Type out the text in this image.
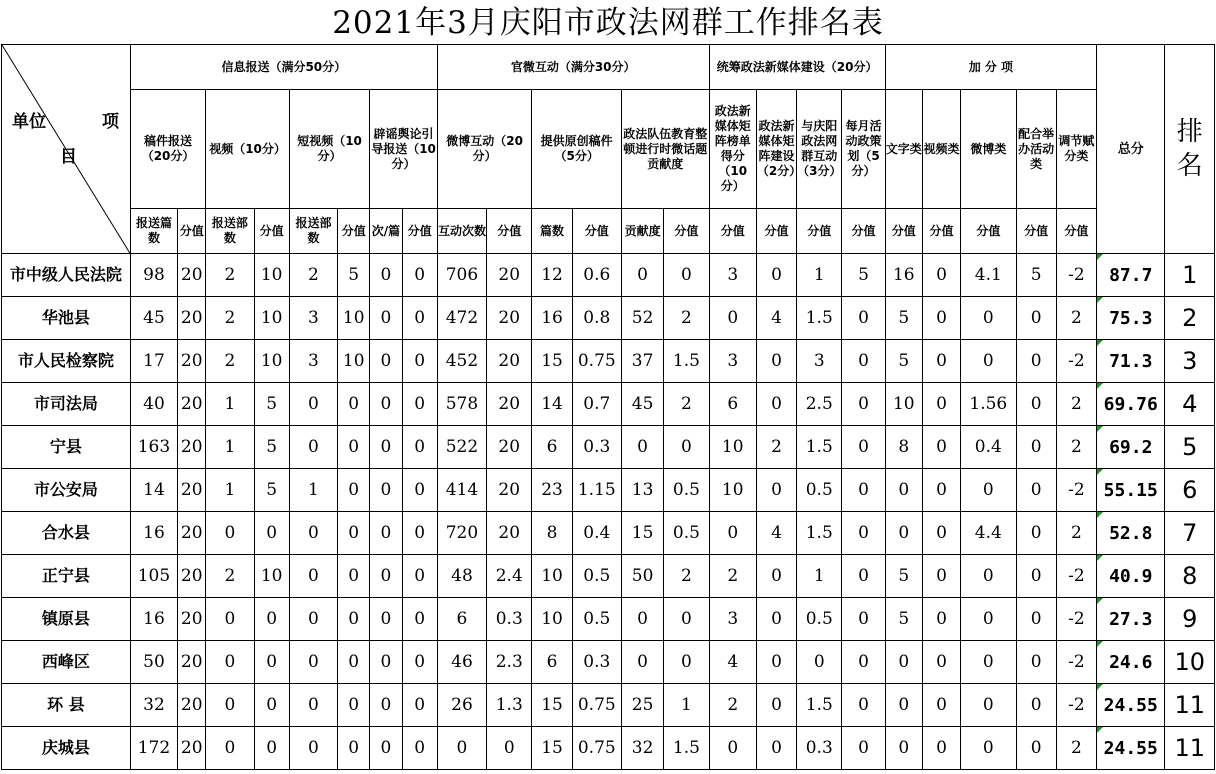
2021年3月庆阳市政法网群工作排名表
单位 项
目	信息报送（满分50分）								官微互动（满分30分）						统筹政法新媒体建设（20分）				加 分 项					总分	排名
	稿件报送（20分）		视频（10分）		短视频（10分）		辟谣舆论引导报送（10分）		微博互动（20分）		提供原创稿件（5分）		政法队伍教育整顿进行时微话题贡献度		政法新媒体矩阵榜单得分（10分）	政法新媒体矩阵建设（2分）	与庆阳政法网群互动（3分）	每月活动政策划（5分）	文字类	视频类	微博类	配合举办活动类	调节赋分类		
	报送篇数	分值	报送部数	分值	报送部数	分值	次/篇	分值	互动次数	分值	篇数	分值	贡献度	分值	分值	分值	分值	分值	分值	分值	分值	分值	分值		
市中级人民法院	98	20	2	10	2	5	0	0	706	20	12	0.6	0	0	3	0	1	5	16	0	4.1	5	-2	87.7	1
华池县	45	20	2	10	3	10	0	0	472	20	16	0.8	52	2	0	4	1.5	0	5	0	0	0	2	75.3	2
市人民检察院	17	20	2	10	3	10	0	0	452	20	15	0.75	37	1.5	3	0	3	0	5	0	0	0	-2	71.3	3
市司法局	40	20	1	5	0	0	0	0	578	20	14	0.7	45	2	6	0	2.5	0	10	0	1.56	0	2	69.76	4
宁县	163	20	1	5	0	0	0	0	522	20	6	0.3	0	0	10	2	1.5	0	8	0	0.4	0	2	69.2	5
市公安局	14	20	1	5	1	0	0	0	414	20	23	1.15	13	0.5	10	0	0.5	0	0	0	0	0	-2	55.15	6
合水县	16	20	0	0	0	0	0	0	720	20	8	0.4	15	0.5	0	4	1.5	0	0	0	4.4	0	2	52.8	7
正宁县	105	20	2	10	0	0	0	0	48	2.4	10	0.5	50	2	2	0	1	0	5	0	0	0	-2	40.9	8
镇原县	16	20	0	0	0	0	0	0	6	0.3	10	0.5	0	0	3	0	0.5	0	5	0	0	0	-2	27.3	9
西峰区	50	20	0	0	0	0	0	0	46	2.3	6	0.3	0	0	4	0	0	0	0	0	0	0	-2	24.6	10
环 县	32	20	0	0	0	0	0	0	26	1.3	15	0.75	25	1	2	0	1.5	0	0	0	0	0	-2	24.55	11
庆城县	172	20	0	0	0	0	0	0	0	0	15	0.75	32	1.5	0	0	0.3	0	0	0	0	0	2	24.55	11
